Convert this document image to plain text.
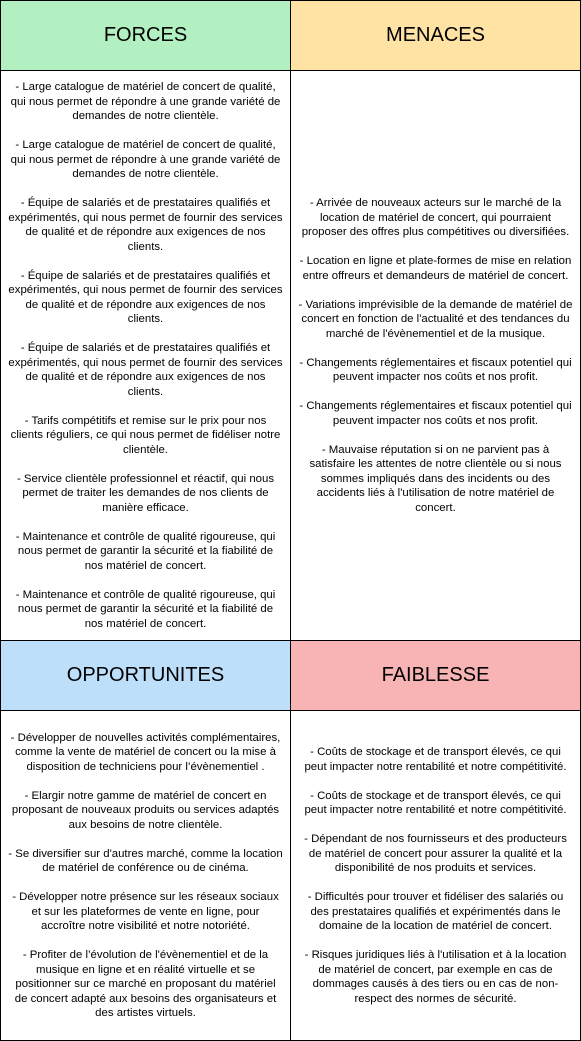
FORCES	MENACES
- Large catalogue de matériel de concert de qualité, qui nous permet de répondre à une grande variété de demandes de notre clientèle.
- Large catalogue de matériel de concert de qualité, qui nous permet de répondre à une grande variété de demandes de notre clientèle.
- Équipe de salariés et de prestataires qualifiés et expérimentés, qui nous permet de fournir des services de qualité et de répondre aux exigences de nos clients.
- Équipe de salariés et de prestataires qualifiés et expérimentés, qui nous permet de fournir des services de qualité et de répondre aux exigences de nos clients.
- Équipe de salariés et de prestataires qualifiés et expérimentés, qui nous permet de fournir des services de qualité et de répondre aux exigences de nos clients.
- Tarifs compétitifs et remise sur le prix pour nos clients réguliers, ce qui nous permet de fidéliser notre clientèle.
- Service clientèle professionnel et réactif, qui nous permet de traiter les demandes de nos clients de manière efficace.
- Maintenance et contrôle de qualité rigoureuse, qui nous permet de garantir la sécurité et la fiabilité de nos matériel de concert.
- Maintenance et contrôle de qualité rigoureuse, qui nous permet de garantir la sécurité et la fiabilité de nos matériel de concert.
- Arrivée de nouveaux acteurs sur le marché de la location de matériel de concert, qui pourraient proposer des offres plus compétitives ou diversifiées.
- Location en ligne et plate-formes de mise en relation entre offreurs et demandeurs de matériel de concert.
- Variations imprévisible de la demande de matériel de concert en fonction de l'actualité et des tendances du marché de l'évènementiel et de la musique.
- Changements réglementaires et fiscaux potentiel qui peuvent impacter nos coûts et nos profit.
- Changements réglementaires et fiscaux potentiel qui peuvent impacter nos coûts et nos profit.
- Mauvaise réputation si on ne parvient pas à satisfaire les attentes de notre clientèle ou si nous sommes impliqués dans des incidents ou des accidents liés à l'utilisation de notre matériel de concert.
OPPORTUNITES	FAIBLESSE
- Développer de nouvelles activités complémentaires, comme la vente de matériel de concert ou la mise à disposition de techniciens pour l’évènementiel .
- Elargir notre gamme de matériel de concert en proposant de nouveaux produits ou services adaptés aux besoins de notre clientèle.
- Se diversifier sur d'autres marché, comme la location de matériel de conférence ou de cinéma.
- Développer notre présence sur les réseaux sociaux et sur les plateformes de vente en ligne, pour accroître notre visibilité et notre notoriété.
- Profiter de l’évolution de l'évènementiel et de la musique en ligne et en réalité virtuelle et se positionner sur ce marché en proposant du matériel de concert adapté aux besoins des organisateurs et des artistes virtuels.
- Coûts de stockage et de transport élevés, ce qui peut impacter notre rentabilité et notre compétitivité.
- Coûts de stockage et de transport élevés, ce qui peut impacter notre rentabilité et notre compétitivité.
- Dépendant de nos fournisseurs et des producteurs de matériel de concert pour assurer la qualité et la disponibilité de nos produits et services.
- Difficultés pour trouver et fidéliser des salariés ou des prestataires qualifiés et expérimentés dans le domaine de la location de matériel de concert.
- Risques juridiques liés à l'utilisation et à la location de matériel de concert, par exemple en cas de dommages causés à des tiers ou en cas de non-respect des normes de sécurité.
